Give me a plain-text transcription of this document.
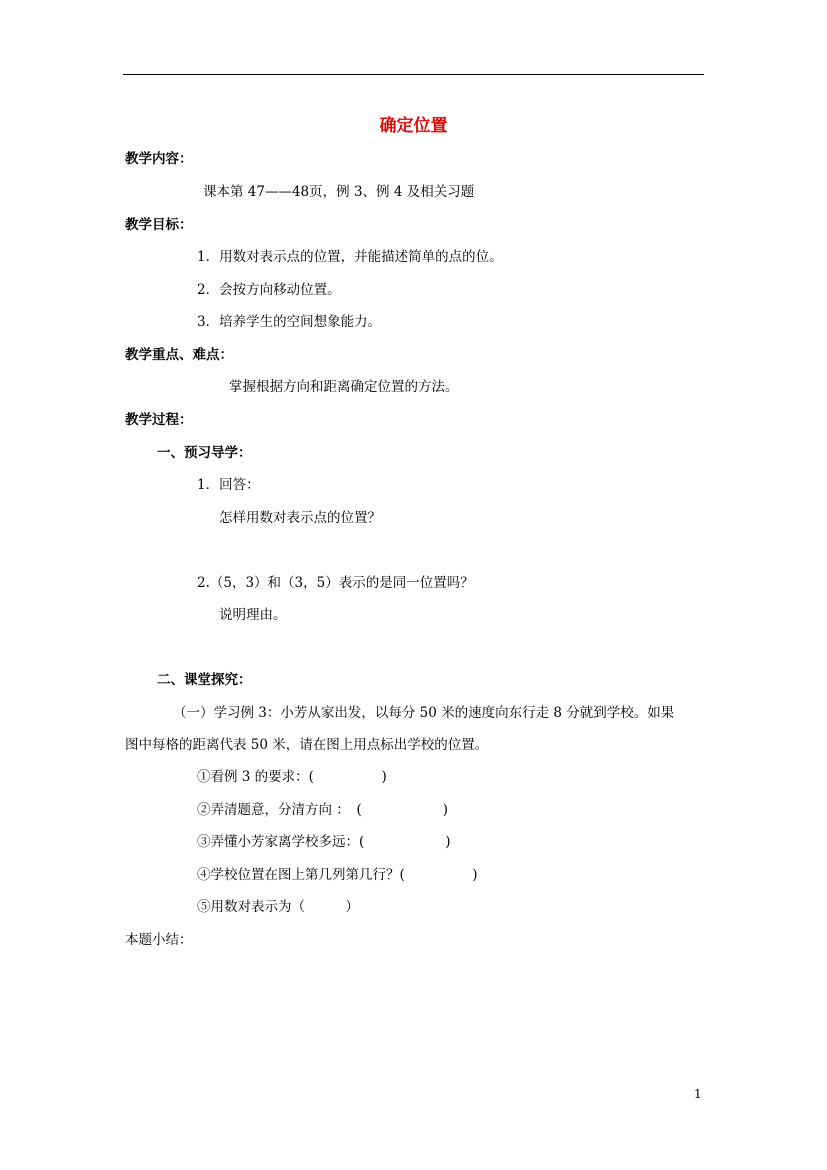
确定位置
教学内容：
课本第 47——48页，例 3、例 4 及相关习题
教学目标：
1．用数对表示点的位置，并能描述简单的点的位。
2．会按方向移动位置。
3．培养学生的空间想象能力。
教学重点、难点：
掌握根据方向和距离确定位置的方法。
教学过程：
一、预习导学：
1．回答：
怎样用数对表示点的位置？
2.（5，3）和（3，5）表示的是同一位置吗？
说明理由。
二、课堂探究：
（一）学习例 3：小芳从家出发，以每分 50 米的速度向东行走 8 分就到学校。如果
图中每格的距离代表 50 米，请在图上用点标出学校的位置。
①看例 3 的要求：(　　　　　)
②弄清题意，分清方向 ：　(　　　　　　)
③弄懂小芳家离学校多远：(　　　　　　)
④学校位置在图上第几列第几行？(　　　　　)
⑤用数对表示为（　　　）
本题小结：
1
